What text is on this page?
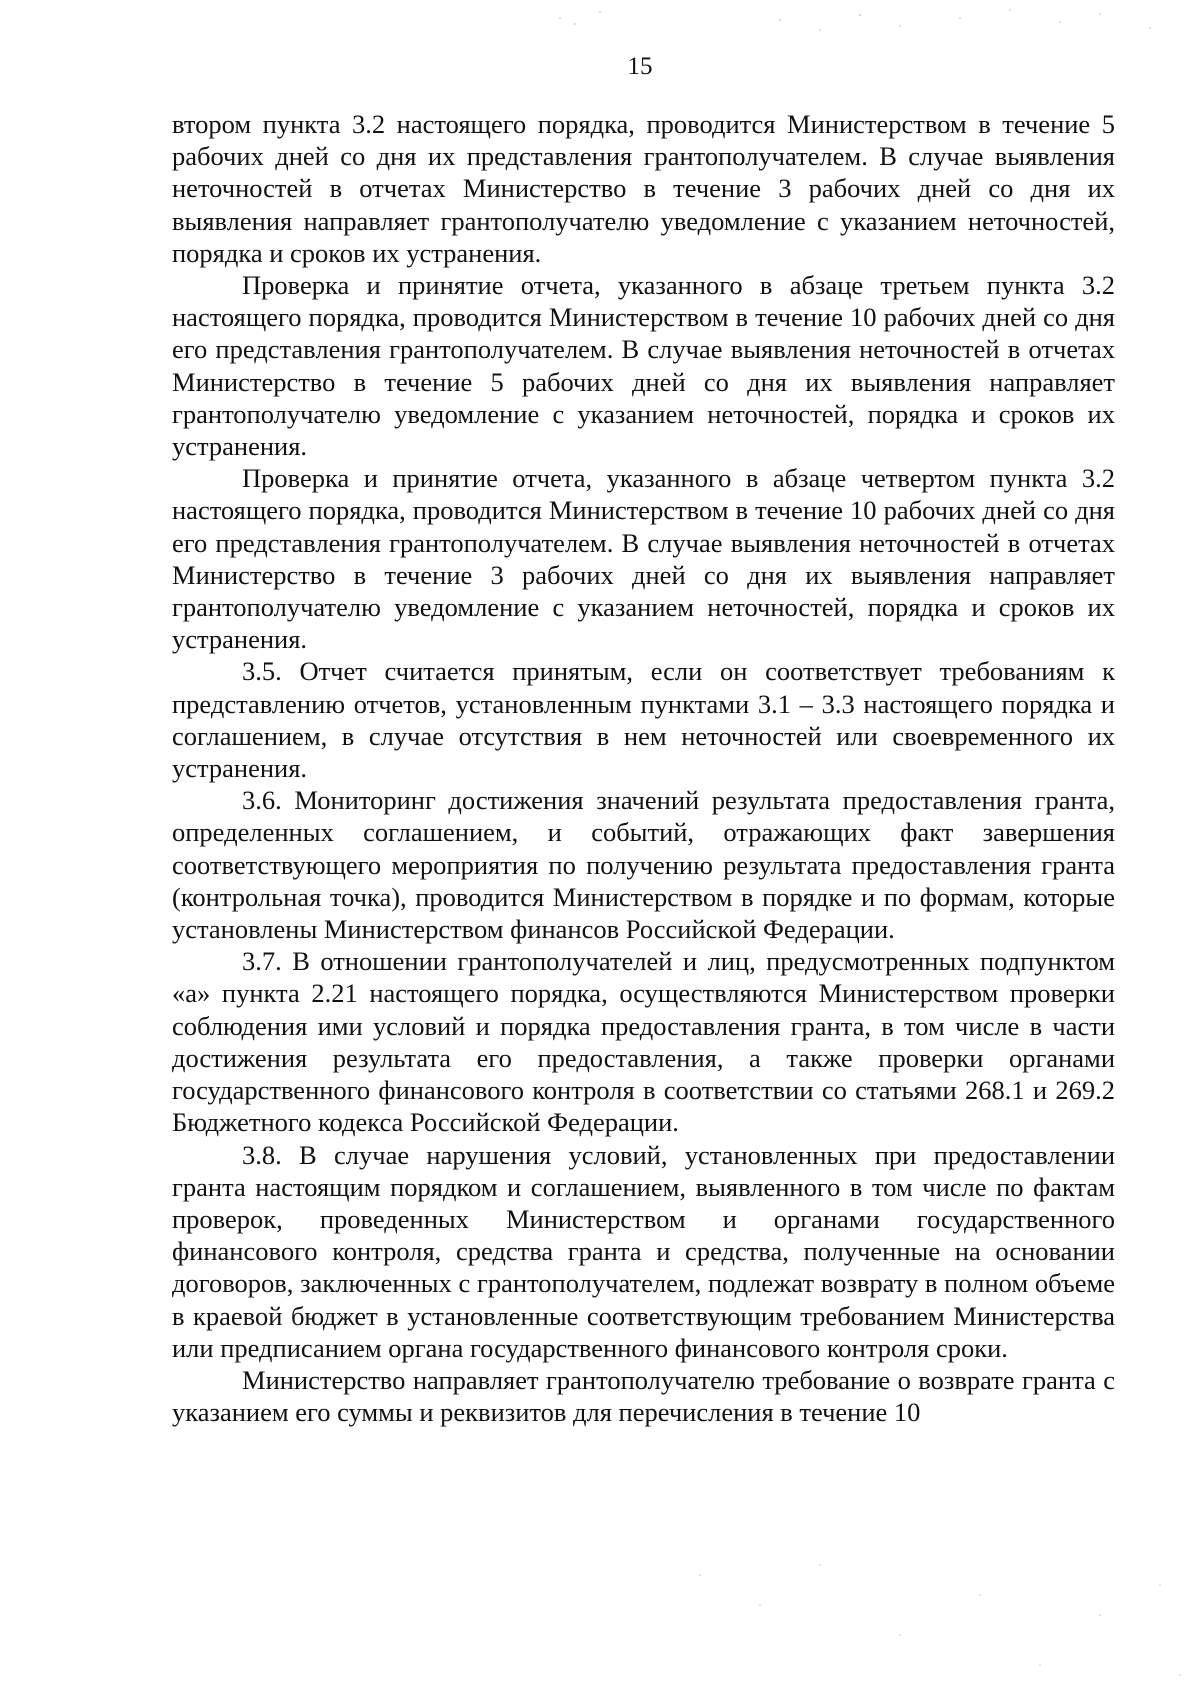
15

втором пункта 3.2 настоящего порядка, проводится Министерством в течение 5 рабочих дней со дня их представления грантополучателем. В случае выявления неточностей в отчетах Министерство в течение 3 рабочих дней со дня их выявления направляет грантополучателю уведомление с указанием неточностей, порядка и сроков их устранения.

Проверка и принятие отчета, указанного в абзаце третьем пункта 3.2 настоящего порядка, проводится Министерством в течение 10 рабочих дней со дня его представления грантополучателем. В случае выявления неточностей в отчетах Министерство в течение 5 рабочих дней со дня их выявления направляет грантополучателю уведомление с указанием неточностей, порядка и сроков их устранения.

Проверка и принятие отчета, указанного в абзаце четвертом пункта 3.2 настоящего порядка, проводится Министерством в течение 10 рабочих дней со дня его представления грантополучателем. В случае выявления неточностей в отчетах Министерство в течение 3 рабочих дней со дня их выявления направляет грантополучателю уведомление с указанием неточностей, порядка и сроков их устранения.

3.5. Отчет считается принятым, если он соответствует требованиям к представлению отчетов, установленным пунктами 3.1 – 3.3 настоящего порядка и соглашением, в случае отсутствия в нем неточностей или своевременного их устранения.

3.6. Мониторинг достижения значений результата предоставления гранта, определенных соглашением, и событий, отражающих факт завершения соответствующего мероприятия по получению результата предоставления гранта (контрольная точка), проводится Министерством в порядке и по формам, которые установлены Министерством финансов Российской Федерации.

3.7. В отношении грантополучателей и лиц, предусмотренных подпунктом «а» пункта 2.21 настоящего порядка, осуществляются Министерством проверки соблюдения ими условий и порядка предоставления гранта, в том числе в части достижения результата его предоставления, а также проверки органами государственного финансового контроля в соответствии со статьями 268.1 и 269.2 Бюджетного кодекса Российской Федерации.

3.8. В случае нарушения условий, установленных при предоставлении гранта настоящим порядком и соглашением, выявленного в том числе по фактам проверок, проведенных Министерством и органами государственного финансового контроля, средства гранта и средства, полученные на основании договоров, заключенных с грантополучателем, подлежат возврату в полном объеме в краевой бюджет в установленные соответствующим требованием Министерства или предписанием органа государственного финансового контроля сроки.

Министерство направляет грантополучателю требование о возврате гранта с указанием его суммы и реквизитов для перечисления в течение 10
